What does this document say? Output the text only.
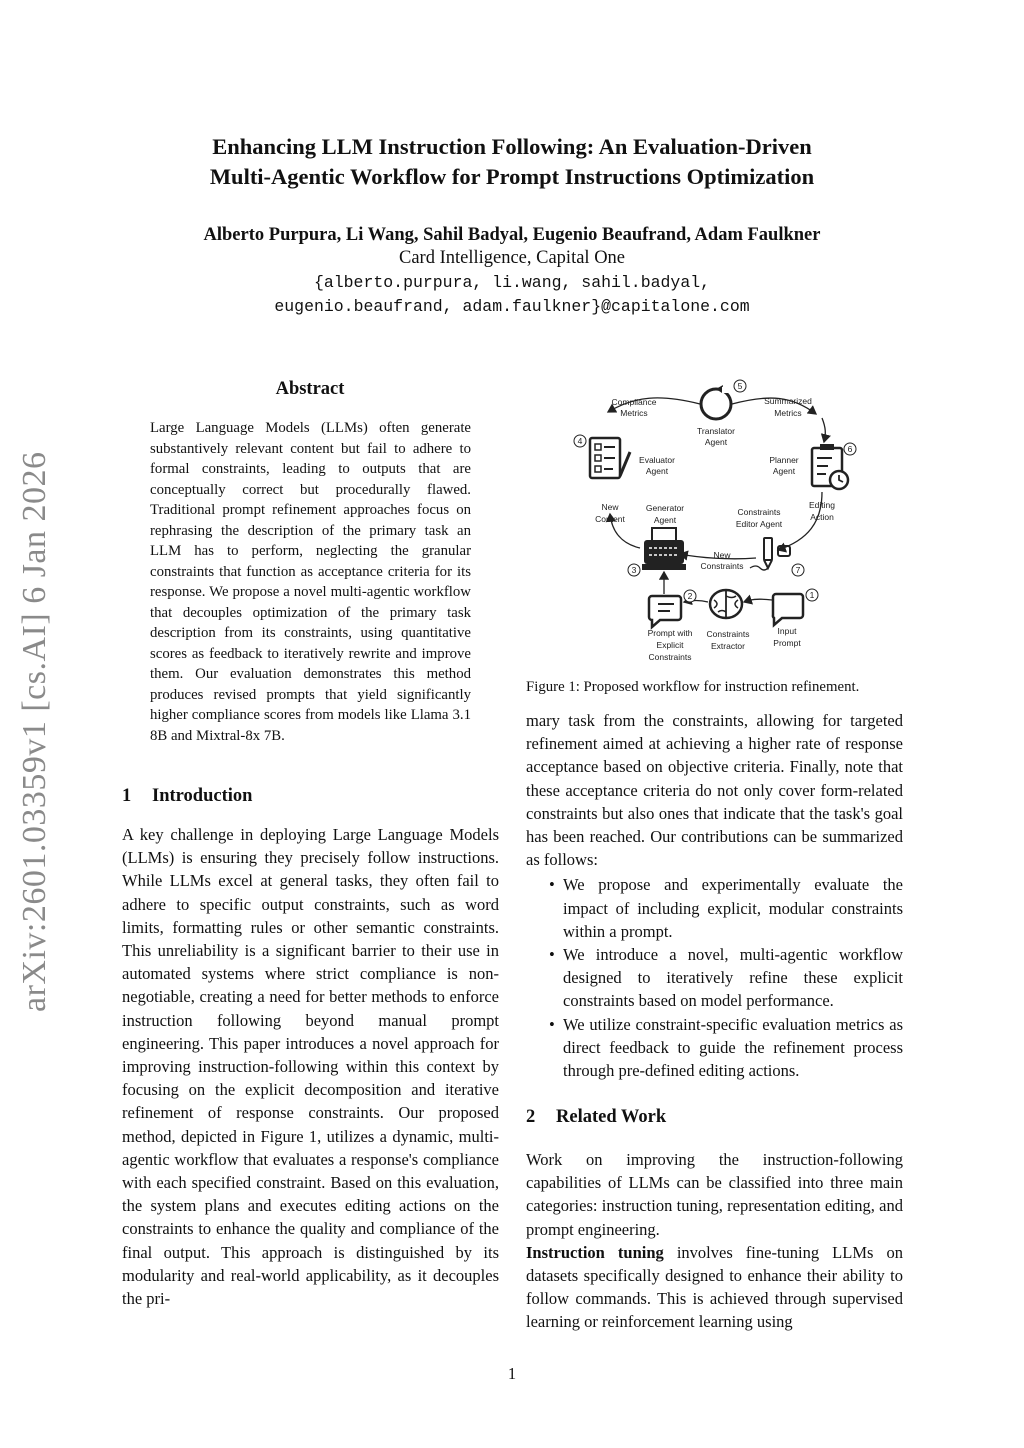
arXiv:2601.03359v1 [cs.AI] 6 Jan 2026
Enhancing LLM Instruction Following: An Evaluation-Driven
Multi-Agentic Workflow for Prompt Instructions Optimization
Alberto Purpura, Li Wang, Sahil Badyal, Eugenio Beaufrand, Adam Faulkner
Card Intelligence, Capital One
{alberto.purpura, li.wang, sahil.badyal,
eugenio.beaufrand, adam.faulkner}@capitalone.com
Abstract
Large Language Models (LLMs) often generate substantively relevant content but fail to adhere to formal constraints, leading to outputs that are conceptually correct but procedurally flawed. Traditional prompt refinement approaches focus on rephrasing the description of the primary task an LLM has to perform, neglecting the granular constraints that function as acceptance criteria for its response. We propose a novel multi-agentic workflow that decouples optimization of the primary task description from its constraints, using quantitative scores as feedback to iteratively rewrite and improve them. Our evaluation demonstrates this method produces revised prompts that yield significantly higher compliance scores from models like Llama 3.1 8B and Mixtral-8x 7B.
1 Introduction

A key challenge in deploying Large Language Models (LLMs) is ensuring they precisely follow instructions. While LLMs excel at general tasks, they often fail to adhere to specific output constraints, such as word limits, formatting rules or other semantic constraints. This unreliability is a significant barrier to their use in automated systems where strict compliance is non-negotiable, creating a need for better methods to enforce instruction following beyond manual prompt engineering. This paper introduces a novel approach for improving instruction-following within this context by focusing on the explicit decomposition and iterative refinement of response constraints. Our proposed method, depicted in Figure 1, utilizes a dynamic, multi-agentic workflow that evaluates a response's compliance with each specified constraint. Based on this evaluation, the system plans and executes editing actions on the constraints to enhance the quality and compliance of the final output. This approach is distinguished by its modularity and real-world applicability, as it decouples the pri-

5
4
6
3	7
2	1
Compliance
Metrics
Translator
Agent
Summarized
Metrics
Evaluator
Agent
Planner
Agent
New
Content
Generator
Agent
Constraints
Editor Agent
Editing
Action
New
Constraints
Prompt with
Explicit
Constraints
Constraints
Extractor
Input
Prompt
Figure 1: Proposed workflow for instruction refinement.

mary task from the constraints, allowing for targeted refinement aimed at achieving a higher rate of response acceptance based on objective criteria. Finally, note that these acceptance criteria do not only cover form-related constraints but also ones that indicate that the task's goal has been reached. Our contributions can be summarized as follows:

• We propose and experimentally evaluate the impact of including explicit, modular constraints within a prompt.
• We introduce a novel, multi-agentic workflow designed to iteratively refine these explicit constraints based on model performance.
• We utilize constraint-specific evaluation metrics as direct feedback to guide the refinement process through pre-defined editing actions.
2 Related Work

Work on improving the instruction-following capabilities of LLMs can be classified into three main categories: instruction tuning, representation editing, and prompt engineering.

Instruction tuning involves fine-tuning LLMs on datasets specifically designed to enhance their ability to follow commands. This is achieved through supervised learning or reinforcement learning using

1
